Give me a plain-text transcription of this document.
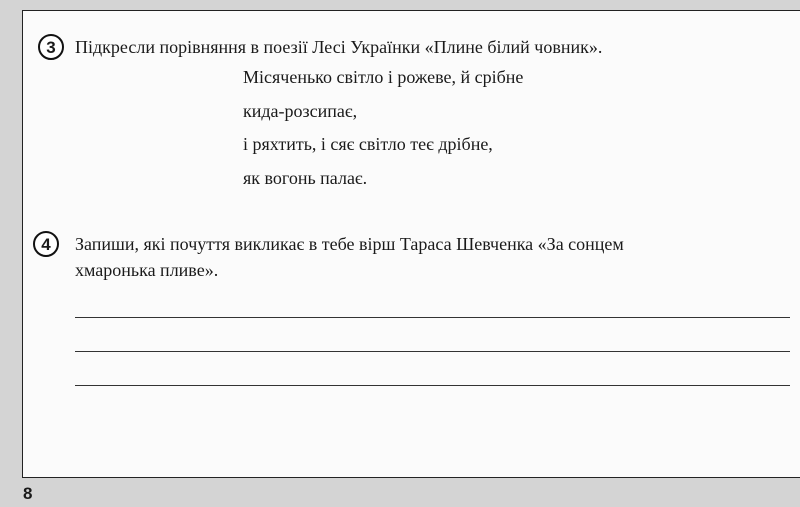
3 Підкресли порівняння в поезії Лесі Українки «Плине білий човник».
Місяченько світло і рожеве, й срібне
кида-розсипає,
і ряхтить, і сяє світло теє дрібне,
як вогонь палає.
4 Запиши, які почуття викликає в тебе вірш Тараса Шевченка «За сонцем
хмаронька пливе».
8
